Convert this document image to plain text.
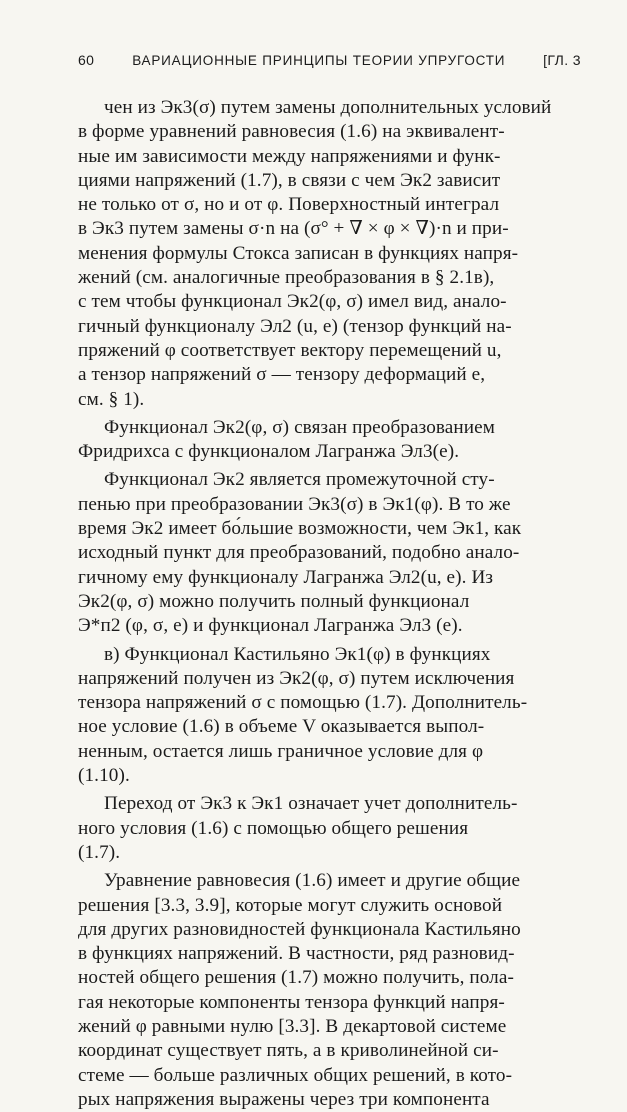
60	ВАРИАЦИОННЫЕ ПРИНЦИПЫ ТЕОРИИ УПРУГОСТИ	[ГЛ. 3
чен из Эк3(σ) путем замены дополнительных условий
в форме уравнений равновесия (1.6) на эквивалент-
ные им зависимости между напряжениями и функ-
циями напряжений (1.7), в связи с чем Эк2 зависит
не только от σ, но и от φ. Поверхностный интеграл
в Эк3 путем замены σ·n на (σ° + ∇ × φ × ∇)·n и при-
менения формулы Стокса записан в функциях напря-
жений (см. аналогичные преобразования в § 2.1в),
с тем чтобы функционал Эк2(φ, σ) имел вид, анало-
гичный функционалу Эл2 (u, e) (тензор функций на-
пряжений φ соответствует вектору перемещений u,
а тензор напряжений σ — тензору деформаций e,
см. § 1).
Функционал Эк2(φ, σ) связан преобразованием
Фридрихса с функционалом Лагранжа Эл3(e).
Функционал Эк2 является промежуточной сту-
пенью при преобразовании Эк3(σ) в Эк1(φ). В то же
время Эк2 имеет бо́льшие возможности, чем Эк1, как
исходный пункт для преобразований, подобно анало-
гичному ему функционалу Лагранжа Эл2(u, e). Из
Эк2(φ, σ) можно получить полный функционал
Э*п2 (φ, σ, e) и функционал Лагранжа Эл3 (e).
в) Функционал Кастильяно Эк1(φ) в функциях
напряжений получен из Эк2(φ, σ) путем исключения
тензора напряжений σ с помощью (1.7). Дополнитель-
ное условие (1.6) в объеме V оказывается выпол-
ненным, остается лишь граничное условие для φ
(1.10).
Переход от Эк3 к Эк1 означает учет дополнитель-
ного условия (1.6) с помощью общего решения
(1.7).
Уравнение равновесия (1.6) имеет и другие общие
решения [3.3, 3.9], которые могут служить основой
для других разновидностей функционала Кастильяно
в функциях напряжений. В частности, ряд разновид-
ностей общего решения (1.7) можно получить, пола-
гая некоторые компоненты тензора функций напря-
жений φ равными нулю [3.3]. В декартовой системе
координат существует пять, а в криволинейной си-
стеме — больше различных общих решений, в кото-
рых напряжения выражены через три компонента
